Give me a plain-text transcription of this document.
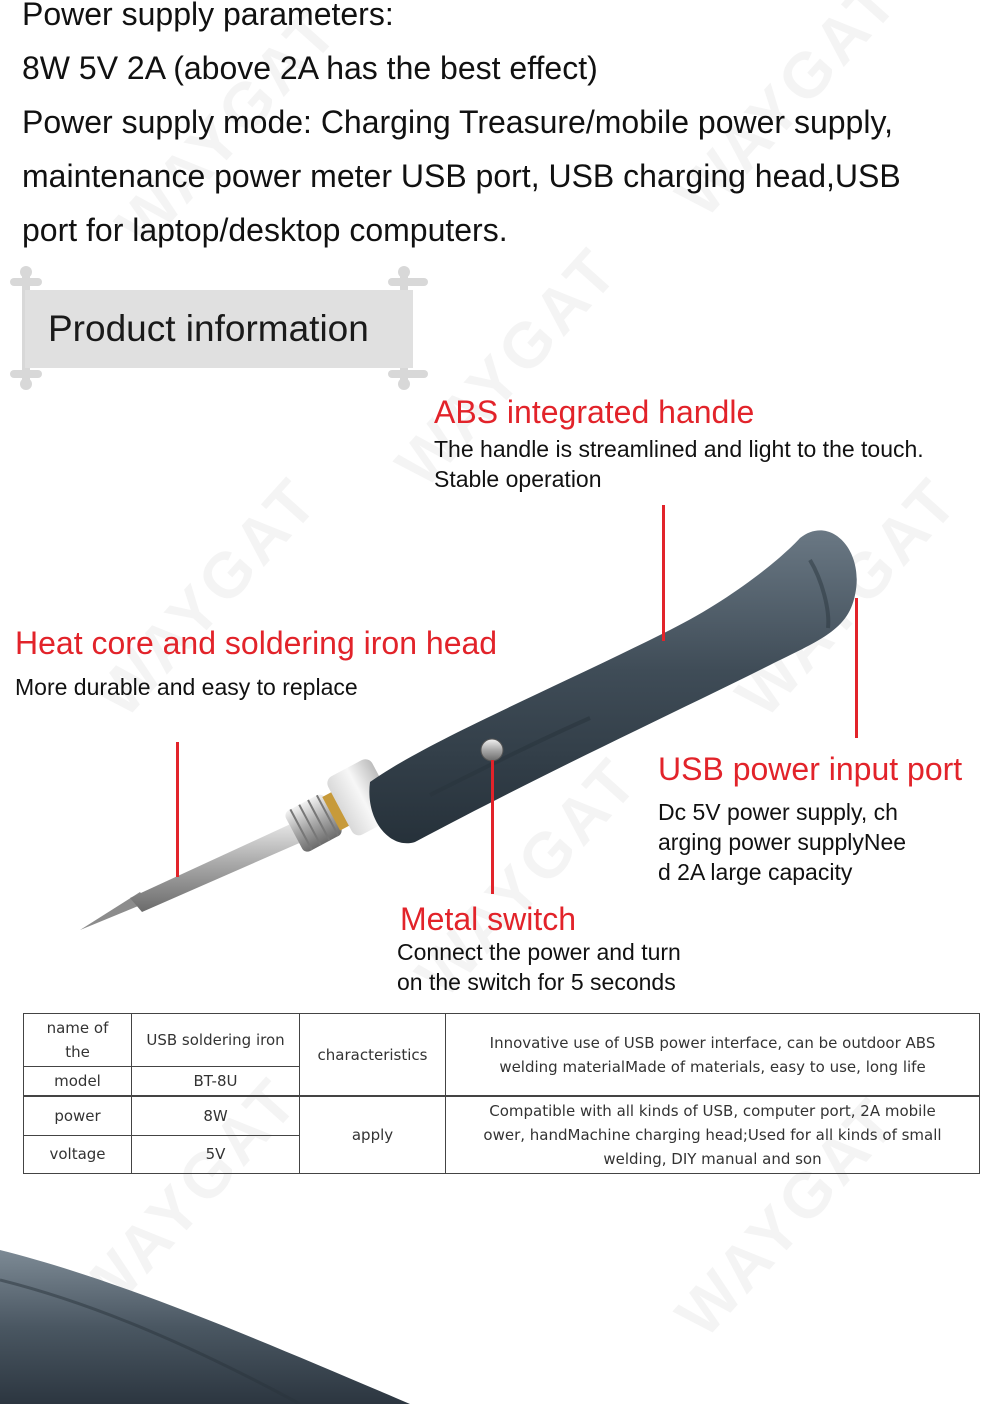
Power supply parameters:
8W 5V 2A (above 2A has the best effect)
Power supply mode: Charging Treasure/mobile power supply,
maintenance power meter USB port, USB charging head,USB
port for laptop/desktop computers.
Product information
ABS integrated handle
The handle is streamlined and light to the touch.
Stable operation
Heat core and soldering iron head
More durable and easy to replace
USB power input port
Dc 5V power supply, ch
arging power supplyNee
d 2A large capacity
Metal switch
Connect the power and turn
on the switch for 5 seconds
name of the	USB soldering iron	characteristics	Innovative use of USB power interface, can be outdoor ABS
welding materialMade of materials, easy to use, long life

model	BT-8U		
power	8W	apply	Compatible with all kinds of USB, computer port, 2A mobile
ower, handMachine charging head;Used for all kinds of small
welding, DIY manual and son

voltage	5V		
